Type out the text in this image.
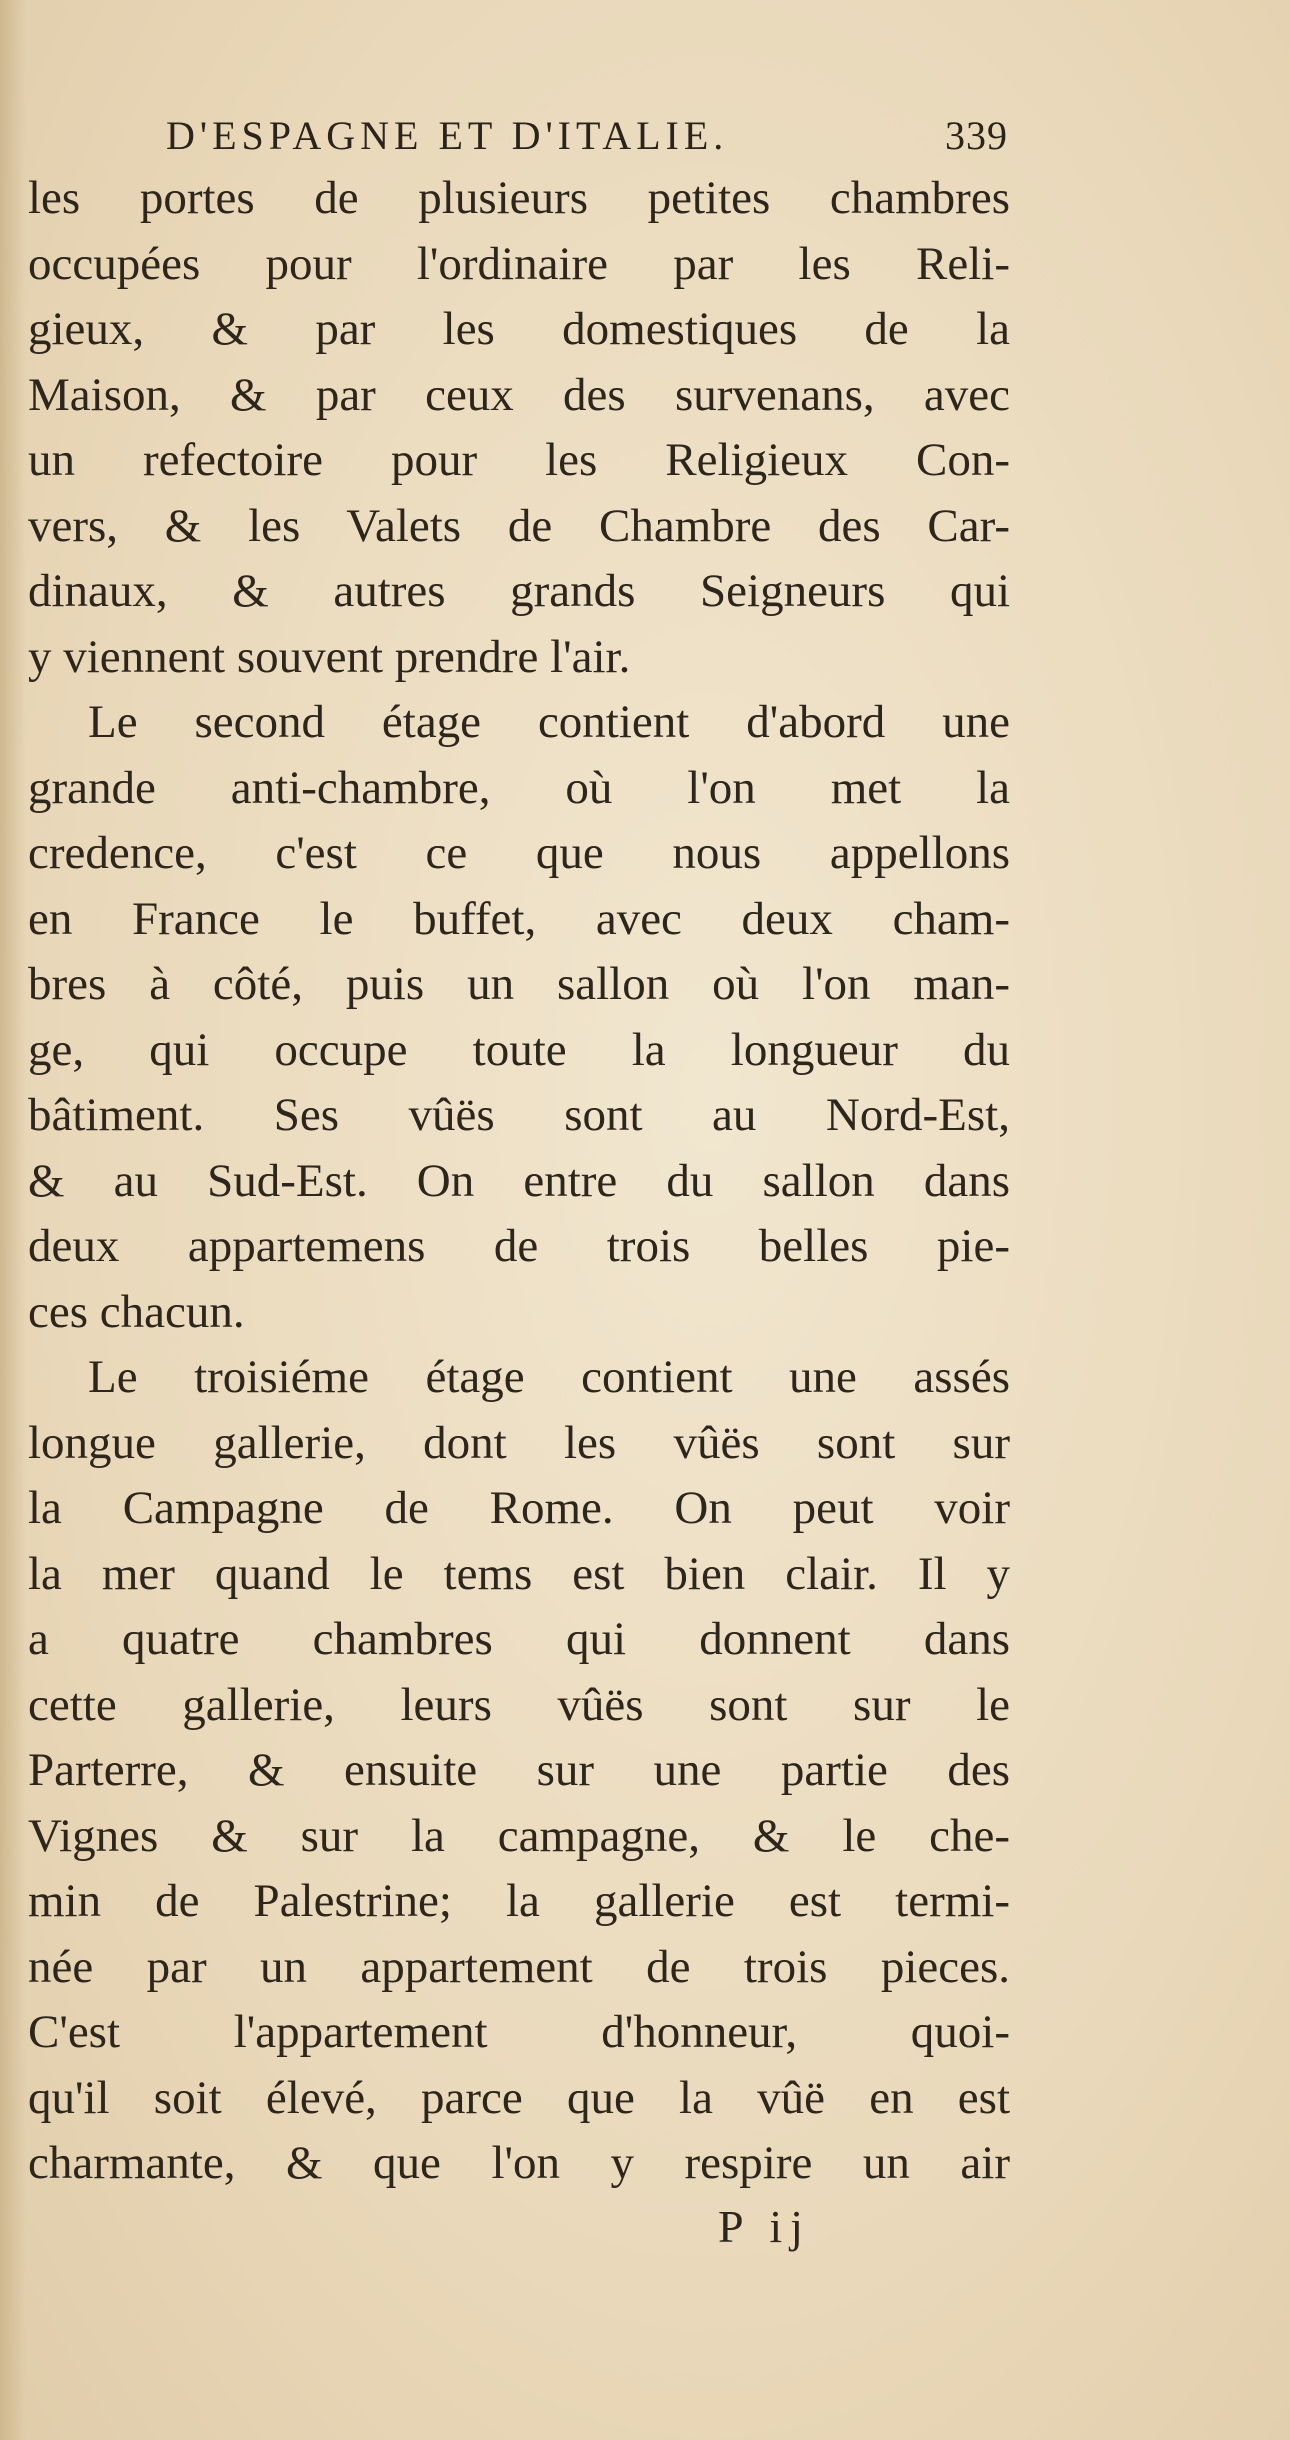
D'ESPAGNE ET D'ITALIE.	339
les portes de plusieurs petites chambres
occupées pour l'ordinaire par les Reli-
gieux, & par les domestiques de la
Maison, & par ceux des survenans, avec
un refectoire pour les Religieux Con-
vers, & les Valets de Chambre des Car-
dinaux, & autres grands Seigneurs qui
y viennent souvent prendre l'air.
Le second étage contient d'abord une
grande anti-chambre, où l'on met la
credence, c'est ce que nous appellons
en France le buffet, avec deux cham-
bres à côté, puis un sallon où l'on man-
ge, qui occupe toute la longueur du
bâtiment. Ses vûës sont au Nord-Est,
& au Sud-Est. On entre du sallon dans
deux appartemens de trois belles pie-
ces chacun.
Le troisiéme étage contient une assés
longue gallerie, dont les vûës sont sur
la Campagne de Rome. On peut voir
la mer quand le tems est bien clair. Il y
a quatre chambres qui donnent dans
cette gallerie, leurs vûës sont sur le
Parterre, & ensuite sur une partie des
Vignes & sur la campagne, & le che-
min de Palestrine; la gallerie est termi-
née par un appartement de trois pieces.
C'est l'appartement d'honneur, quoi-
qu'il soit élevé, parce que la vûë en est
charmante, & que l'on y respire un air
P ij
